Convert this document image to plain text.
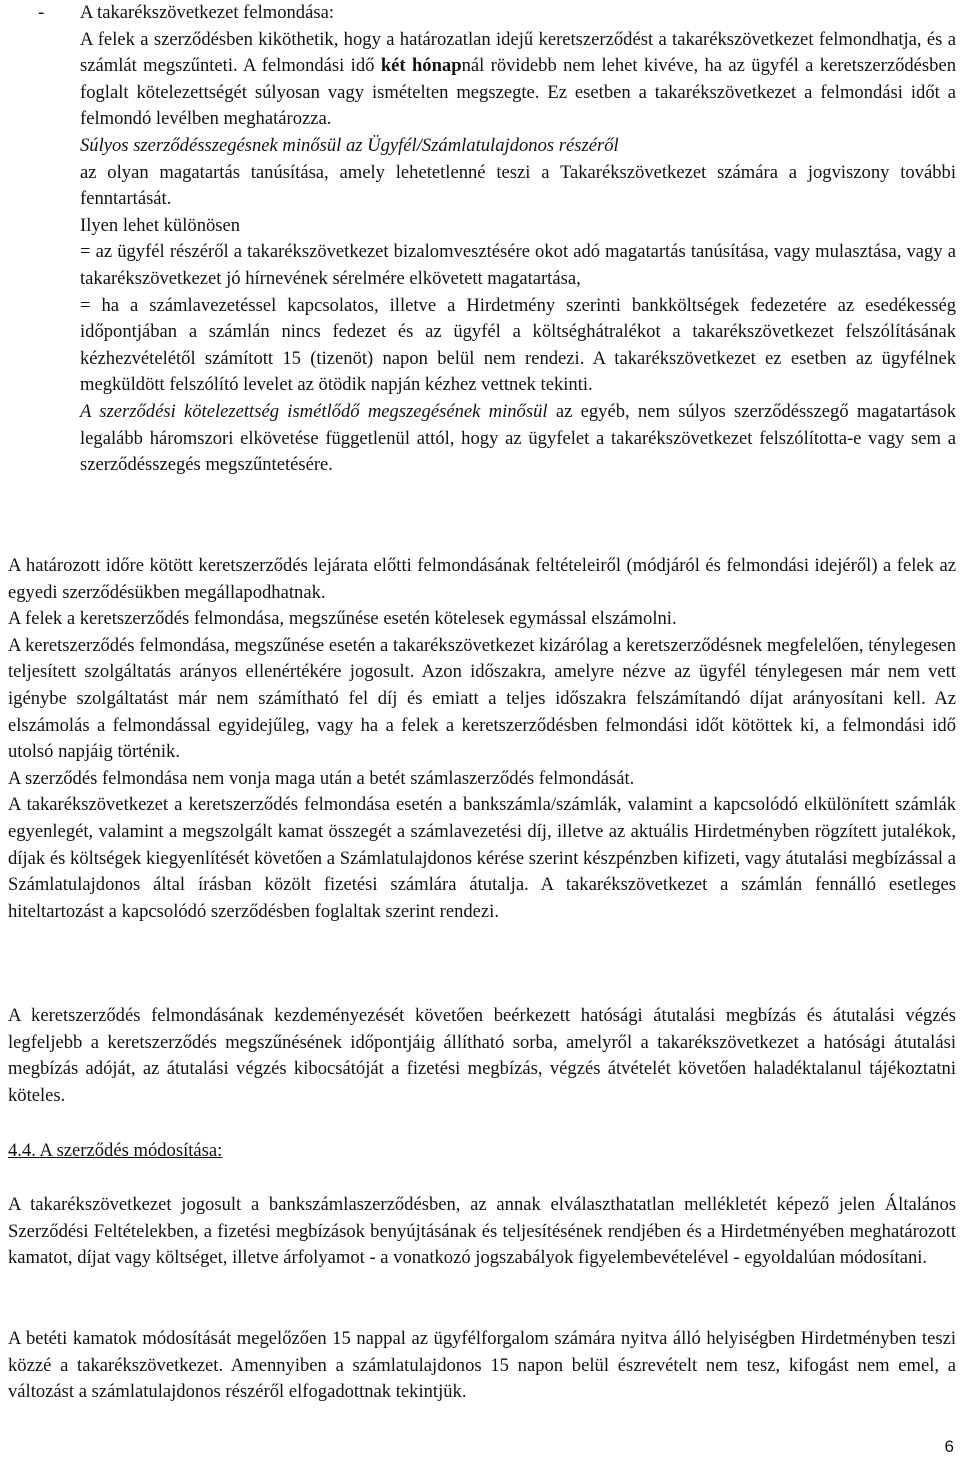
- A takarékszövetkezet felmondása:

A felek a szerződésben kiköthetik, hogy a határozatlan idejű keretszerződést a takarékszövetkezet felmondhatja, és a számlát megszűnteti. A felmondási idő két hónapnál rövidebb nem lehet kivéve, ha az ügyfél a keretszerződésben foglalt kötelezettségét súlyosan vagy ismételten megszegte. Ez esetben a takarékszövetkezet a felmondási időt a felmondó levélben meghatározza.

Súlyos szerződésszegésnek minősül az Ügyfél/Számlatulajdonos részéről

az olyan magatartás tanúsítása, amely lehetetlenné teszi a Takarékszövetkezet számára a jogviszony további fenntartását.

Ilyen lehet különösen

= az ügyfél részéről a takarékszövetkezet bizalomvesztésére okot adó magatartás tanúsítása, vagy mulasztása, vagy a takarékszövetkezet jó hírnevének sérelmére elkövetett magatartása,

= ha a számlavezetéssel kapcsolatos, illetve a Hirdetmény szerinti bankköltségek fedezetére az esedékesség időpontjában a számlán nincs fedezet és az ügyfél a költséghátralékot a takarékszövetkezet felszólításának kézhezvételétől számított 15 (tizenöt) napon belül nem rendezi. A takarékszövetkezet ez esetben az ügyfélnek megküldött felszólító levelet az ötödik napján kézhez vettnek tekinti.

A szerződési kötelezettség ismétlődő megszegésének minősül az egyéb, nem súlyos szerződésszegő magatartások legalább háromszori elkövetése függetlenül attól, hogy az ügyfelet a takarékszövetkezet felszólította-e vagy sem a szerződésszegés megszűntetésére.

A határozott időre kötött keretszerződés lejárata előtti felmondásának feltételeiről (módjáról és felmondási idejéről) a felek az egyedi szerződésükben megállapodhatnak.

A felek a keretszerződés felmondása, megszűnése esetén kötelesek egymással elszámolni.

A keretszerződés felmondása, megszűnése esetén a takarékszövetkezet kizárólag a keretszerződésnek megfelelően, ténylegesen teljesített szolgáltatás arányos ellenértékére jogosult. Azon időszakra, amelyre nézve az ügyfél ténylegesen már nem vett igénybe szolgáltatást már nem számítható fel díj és emiatt a teljes időszakra felszámítandó díjat arányosítani kell. Az elszámolás a felmondással egyidejűleg, vagy ha a felek a keretszerződésben felmondási időt kötöttek ki, a felmondási idő utolsó napjáig történik.

A szerződés felmondása nem vonja maga után a betét számlaszerződés felmondását.

A takarékszövetkezet a keretszerződés felmondása esetén a bankszámla/számlák, valamint a kapcsolódó elkülönített számlák egyenlegét, valamint a megszolgált kamat összegét a számlavezetési díj, illetve az aktuális Hirdetményben rögzített jutalékok, díjak és költségek kiegyenlítését követően a Számlatulajdonos kérése szerint készpénzben kifizeti, vagy átutalási megbízással a Számlatulajdonos által írásban közölt fizetési számlára átutalja. A takarékszövetkezet a számlán fennálló esetleges hiteltartozást a kapcsolódó szerződésben foglaltak szerint rendezi.

A keretszerződés felmondásának kezdeményezését követően beérkezett hatósági átutalási megbízás és átutalási végzés legfeljebb a keretszerződés megszűnésének időpontjáig állítható sorba, amelyről a takarékszövetkezet a hatósági átutalási megbízás adóját, az átutalási végzés kibocsátóját a fizetési megbízás, végzés átvételét követően haladéktalanul tájékoztatni köteles.

4.4. A szerződés módosítása:

A takarékszövetkezet jogosult a bankszámlaszerződésben, az annak elválaszthatatlan mellékletét képező jelen Általános Szerződési Feltételekben, a fizetési megbízások benyújtásának és teljesítésének rendjében és a Hirdetményében meghatározott kamatot, díjat vagy költséget, illetve árfolyamot - a vonatkozó jogszabályok figyelembevételével - egyoldalúan módosítani.

A betéti kamatok módosítását megelőzően 15 nappal az ügyfélforgalom számára nyitva álló helyiségben Hirdetményben teszi közzé a takarékszövetkezet. Amennyiben a számlatulajdonos 15 napon belül észrevételt nem tesz, kifogást nem emel, a változást a számlatulajdonos részéről elfogadottnak tekintjük.

6
